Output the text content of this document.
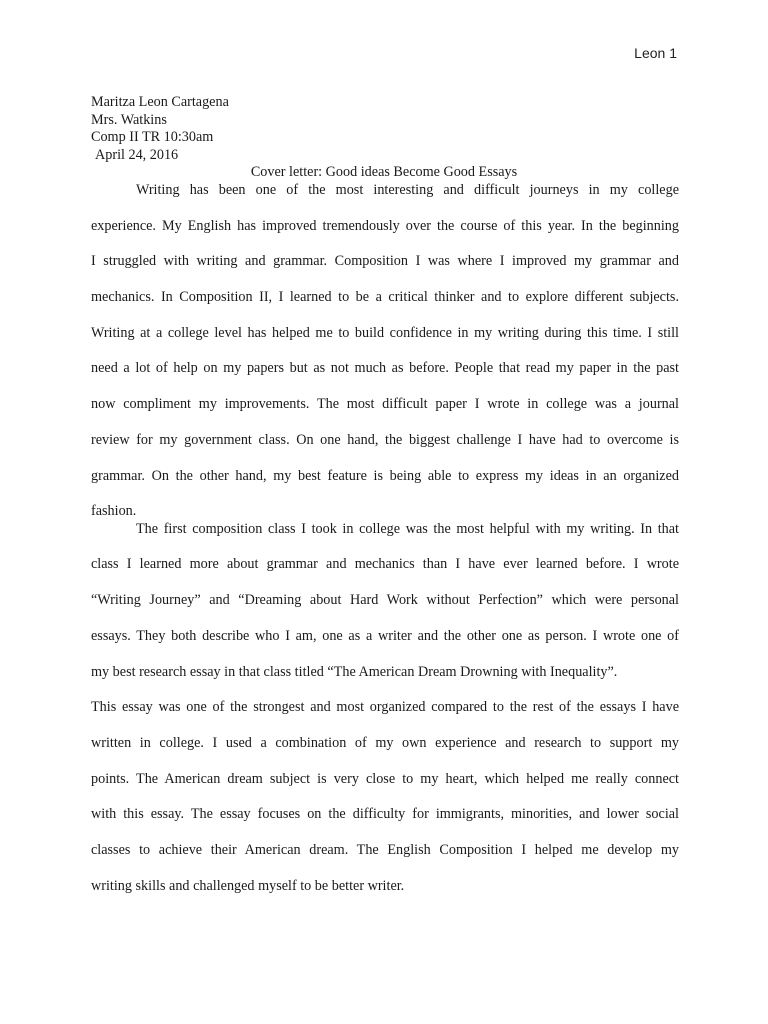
Leon 1
Maritza Leon Cartagena
Mrs. Watkins
Comp II TR 10:30am
April 24, 2016
Cover letter: Good ideas Become Good Essays
Writing has been one of the most interesting and difficult journeys in my college
experience. My English has improved tremendously over the course of this year. In the beginning
I struggled with writing and grammar. Composition I was where I improved my grammar and
mechanics. In Composition II, I learned to be a critical thinker and to explore different subjects.
Writing at a college level has helped me to build confidence in my writing during this time. I still
need a lot of help on my papers but as not much as before. People that read my paper in the past
now compliment my improvements. The most difficult paper I wrote in college was a journal
review for my government class. On one hand, the biggest challenge I have had to overcome is
grammar. On the other hand, my best feature is being able to express my ideas in an organized
fashion.
The first composition class I took in college was the most helpful with my writing. In that
class I learned more about grammar and mechanics than I have ever learned before. I wrote
“Writing Journey” and “Dreaming about Hard Work without Perfection” which were personal
essays. They both describe who I am, one as a writer and the other one as person. I wrote one of
my best research essay in that class titled “The American Dream Drowning with Inequality”.
This essay was one of the strongest and most organized compared to the rest of the essays I have
written in college. I used a combination of my own experience and research to support my
points. The American dream subject is very close to my heart, which helped me really connect
with this essay. The essay focuses on the difficulty for immigrants, minorities, and lower social
classes to achieve their American dream. The English Composition I helped me develop my
writing skills and challenged myself to be better writer.
